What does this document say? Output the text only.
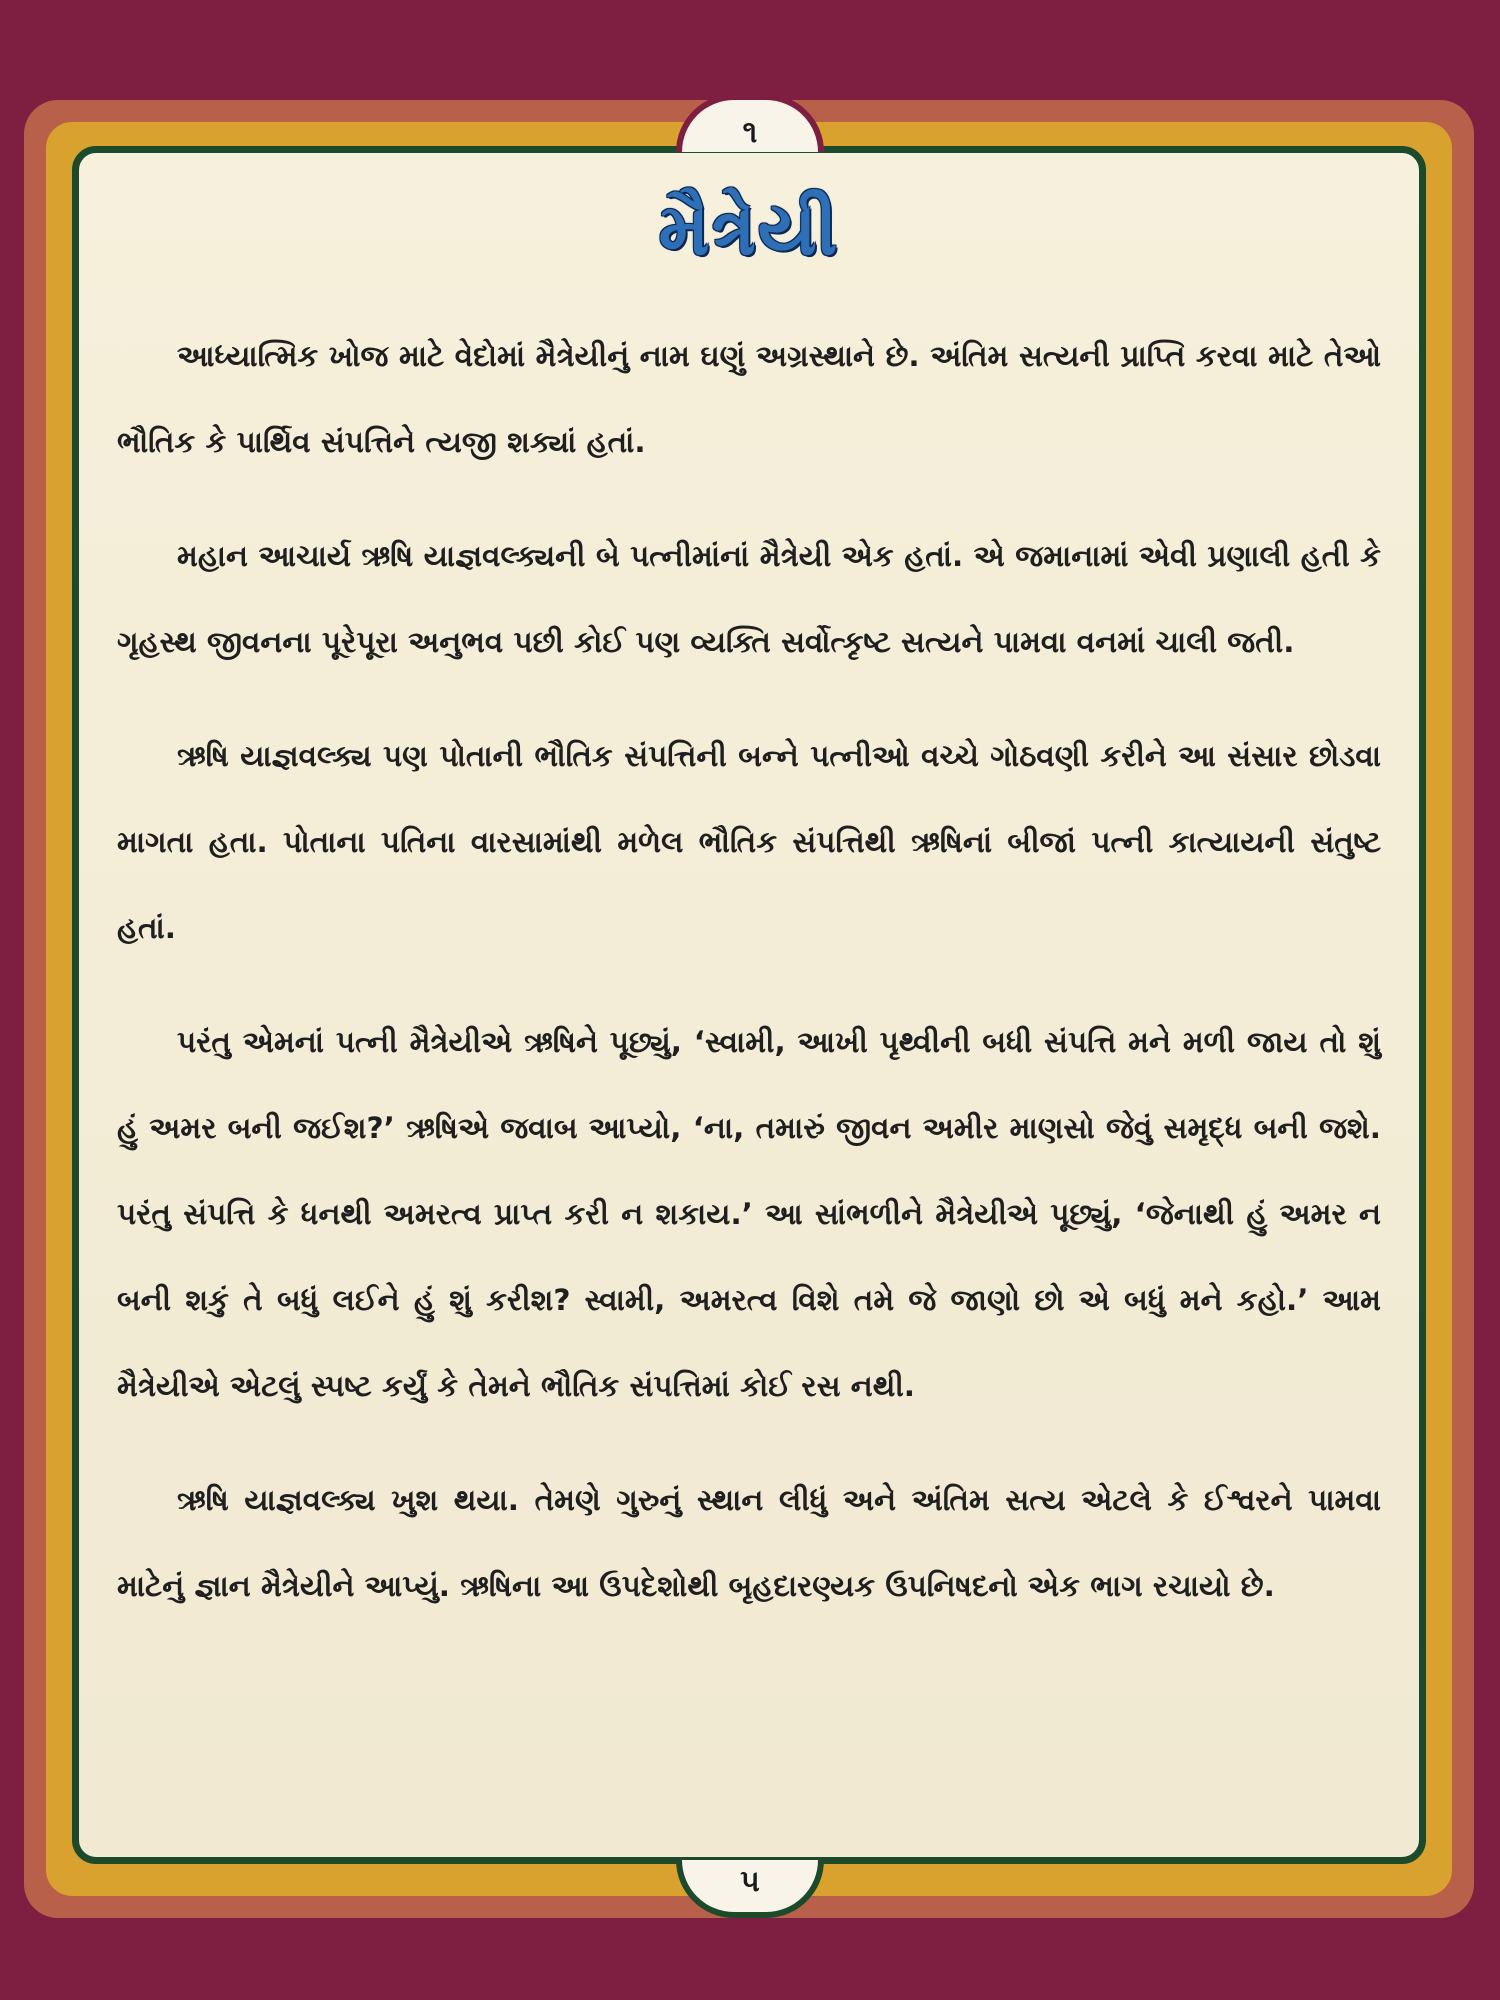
મૈત્રેયી

આધ્યાત્મિક ખોજ માટે વેદોમાં મૈત્રેયીનું નામ ઘણું અગ્રસ્થાને છે. અંતિમ સત્યની પ્રાપ્તિ કરવા માટે તેઓ ભૌતિક કે પાર્થિવ સંપત્તિને ત્યજી શક્યાં હતાં.

મહાન આચાર્ય ઋષિ યાજ્ઞવલ્ક્યની બે પત્નીમાંનાં મૈત્રેયી એક હતાં. એ જમાનામાં એવી પ્રણાલી હતી કે ગૃહસ્થ જીવનના પૂરેપૂરા અનુભવ પછી કોઈ પણ વ્યક્તિ સર્વોત્કૃષ્ટ સત્યને પામવા વનમાં ચાલી જતી.

ઋષિ યાજ્ઞવલ્ક્ય પણ પોતાની ભૌતિક સંપત્તિની બન્ને પત્નીઓ વચ્ચે ગોઠવણી કરીને આ સંસાર છોડવા માગતા હતા. પોતાના પતિના વારસામાંથી મળેલ ભૌતિક સંપત્તિથી ઋષિનાં બીજાં પત્ની કાત્યાયની સંતુષ્ટ હતાં.

પરંતુ એમનાં પત્ની મૈત્રેયીએ ઋષિને પૂછ્યું, ‘સ્વામી, આખી પૃથ્વીની બધી સંપત્તિ મને મળી જાય તો શું હું અમર બની જઈશ?’ ઋષિએ જવાબ આપ્યો, ‘ના, તમારું જીવન અમીર માણસો જેવું સમૃદ્ધ બની જશે. પરંતુ સંપત્તિ કે ધનથી અમરત્વ પ્રાપ્ત કરી ન શકાય.’ આ સાંભળીને મૈત્રેયીએ પૂછ્યું, ‘જેનાથી હું અમર ન બની શકું તે બધું લઈને હું શું કરીશ? સ્વામી, અમરત્વ વિશે તમે જે જાણો છો એ બધું મને કહો.’ આમ મૈત્રેયીએ એટલું સ્પષ્ટ કર્યું કે તેમને ભૌતિક સંપત્તિમાં કોઈ રસ નથી.

ઋષિ યાજ્ઞવલ્ક્ય ખુશ થયા. તેમણે ગુરુનું સ્થાન લીધું અને અંતિમ સત્ય એટલે કે ઈશ્વરને પામવા માટેનું જ્ઞાન મૈત્રેયીને આપ્યું. ઋષિના આ ઉપદેશોથી બૃહદારણ્યક ઉપનિષદનો એક ભાગ રચાયો છે.

૧
૫
